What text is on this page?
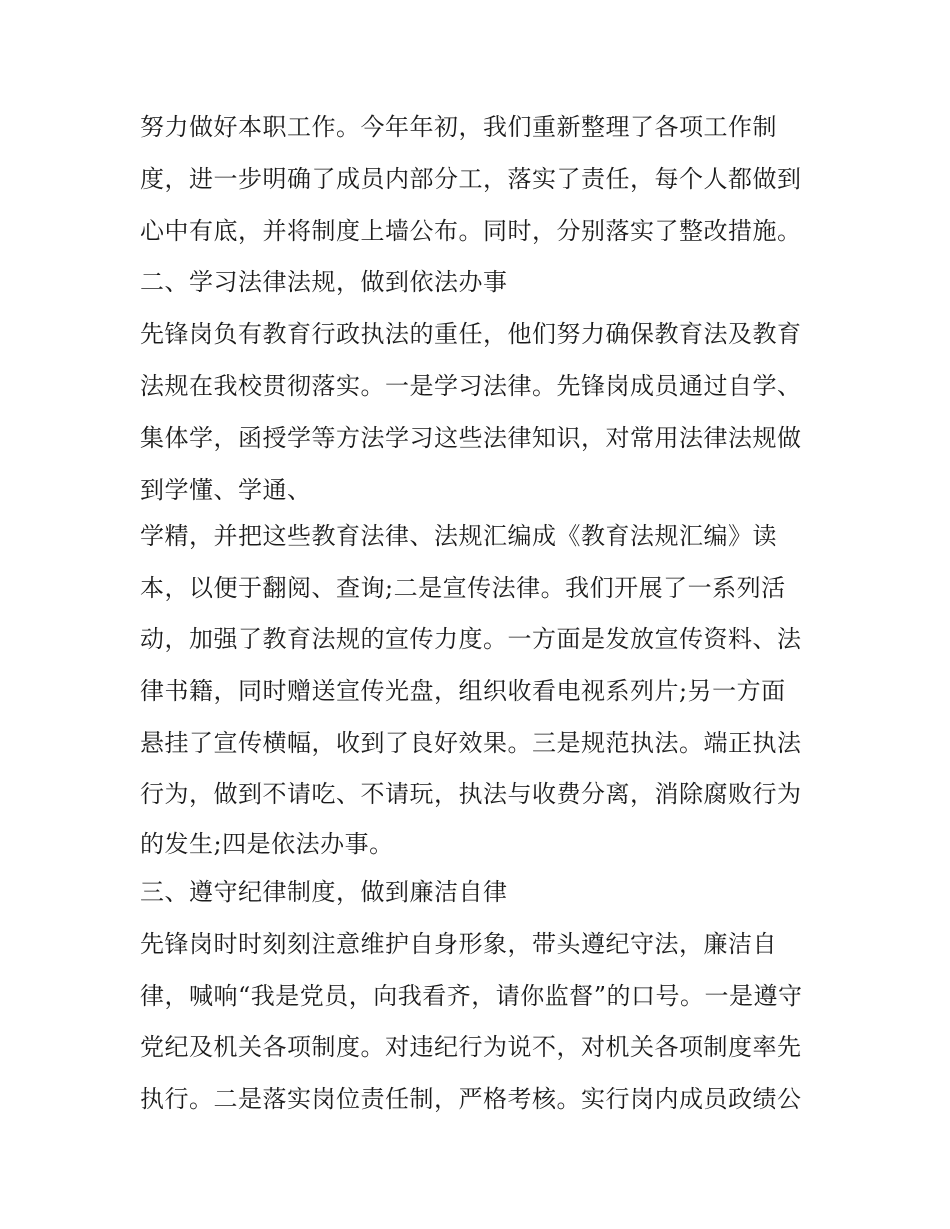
努力做好本职工作。今年年初，我们重新整理了各项工作制

度，进一步明确了成员内部分工，落实了责任，每个人都做到

心中有底，并将制度上墙公布。同时，分别落实了整改措施。

二、学习法律法规，做到依法办事

先锋岗负有教育行政执法的重任，他们努力确保教育法及教育

法规在我校贯彻落实。一是学习法律。先锋岗成员通过自学、

集体学，函授学等方法学习这些法律知识，对常用法律法规做

到学懂、学通、

学精，并把这些教育法律、法规汇编成《教育法规汇编》读

本，以便于翻阅、查询;二是宣传法律。我们开展了一系列活

动，加强了教育法规的宣传力度。一方面是发放宣传资料、法

律书籍，同时赠送宣传光盘，组织收看电视系列片;另一方面

悬挂了宣传横幅，收到了良好效果。三是规范执法。端正执法

行为，做到不请吃、不请玩，执法与收费分离，消除腐败行为

的发生;四是依法办事。

三、遵守纪律制度，做到廉洁自律

先锋岗时时刻刻注意维护自身形象，带头遵纪守法，廉洁自

律，喊响“我是党员，向我看齐，请你监督”的口号。一是遵守

党纪及机关各项制度。对违纪行为说不，对机关各项制度率先

执行。二是落实岗位责任制，严格考核。实行岗内成员政绩公
